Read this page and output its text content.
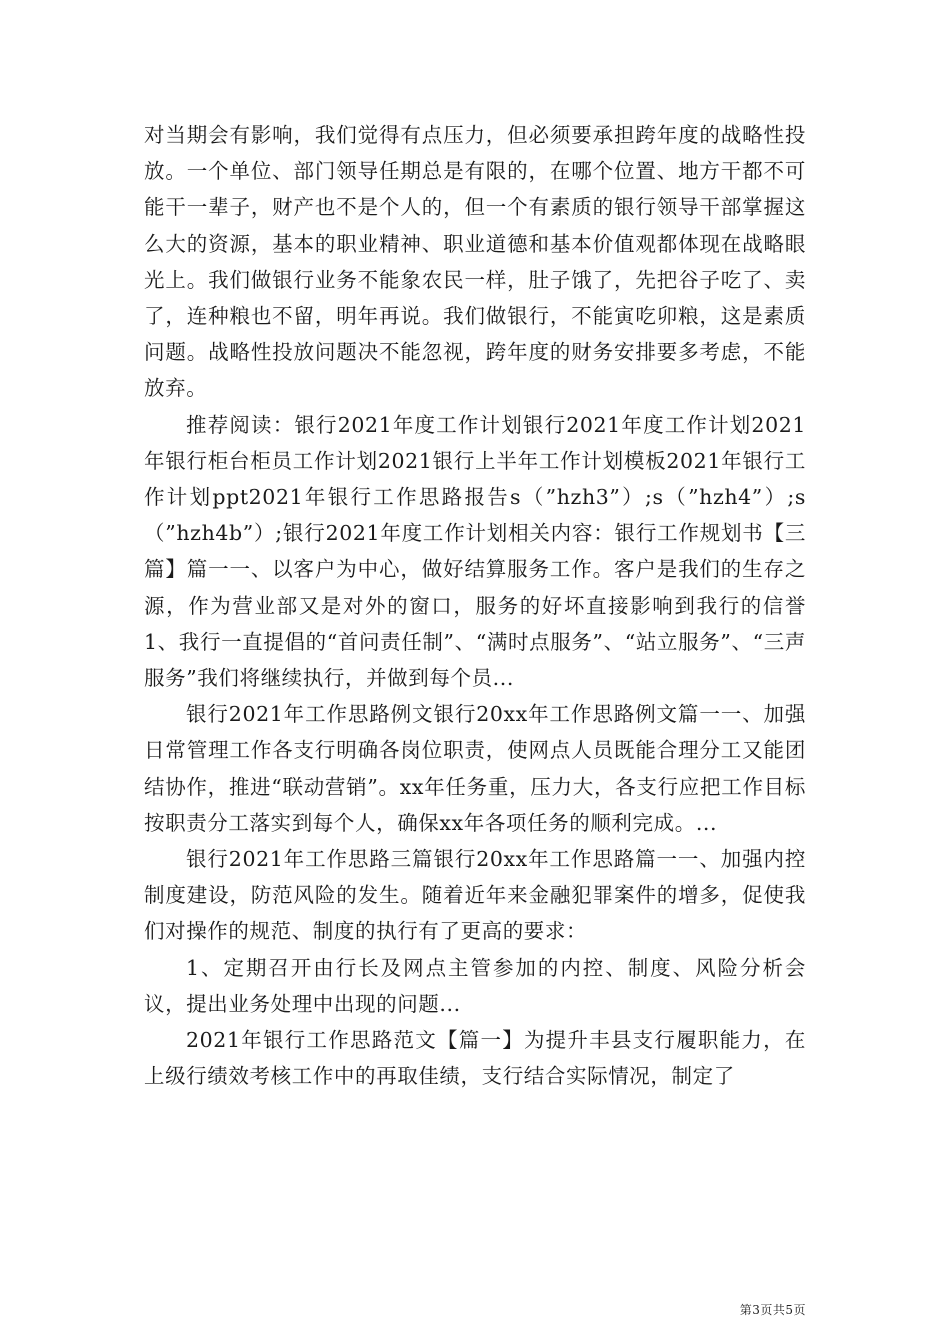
对当期会有影响，我们觉得有点压力，但必须要承担跨年度的战略性投放。一个单位、部门领导任期总是有限的，在哪个位置、地方干都不可能干一辈子，财产也不是个人的，但一个有素质的银行领导干部掌握这么大的资源，基本的职业精神、职业道德和基本价值观都体现在战略眼光上。我们做银行业务不能象农民一样，肚子饿了，先把谷子吃了、卖了，连种粮也不留，明年再说。我们做银行，不能寅吃卯粮，这是素质问题。战略性投放问题决不能忽视，跨年度的财务安排要多考虑，不能放弃。

推荐阅读：银行2021年度工作计划银行2021年度工作计划2021年银行柜台柜员工作计划2021银行上半年工作计划模板2021年银行工作计划ppt2021年银行工作思路报告s（”hzh3”）;s（”hzh4”）;s（”hzh4b”）;银行2021年度工作计划相关内容：银行工作规划书【三篇】篇一一、以客户为中心，做好结算服务工作。客户是我们的生存之源，作为营业部又是对外的窗口，服务的好坏直接影响到我行的信誉1、我行一直提倡的“首问责任制”、“满时点服务”、“站立服务”、“三声服务”我们将继续执行，并做到每个员...

银行2021年工作思路例文银行20xx年工作思路例文篇一一、加强日常管理工作各支行明确各岗位职责，使网点人员既能合理分工又能团结协作，推进“联动营销”。xx年任务重，压力大，各支行应把工作目标按职责分工落实到每个人，确保xx年各项任务的顺利完成。...

银行2021年工作思路三篇银行20xx年工作思路篇一一、加强内控制度建设，防范风险的发生。随着近年来金融犯罪案件的增多，促使我们对操作的规范、制度的执行有了更高的要求：

1、定期召开由行长及网点主管参加的内控、制度、风险分析会议，提出业务处理中出现的问题...

2021年银行工作思路范文【篇一】为提升丰县支行履职能力，在上级行绩效考核工作中的再取佳绩，支行结合实际情况，制定了

第3页共5页
